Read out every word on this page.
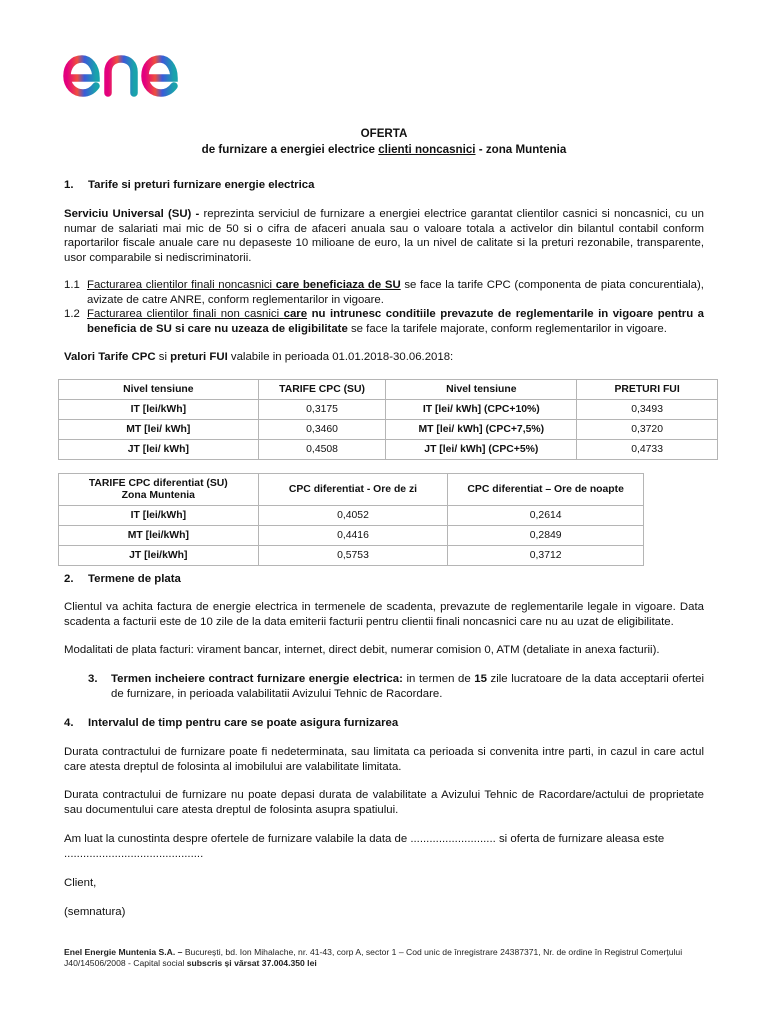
enel
OFERTA
de furnizare a energiei electrice clienti noncasnici - zona Muntenia
1. Tarife si preturi furnizare energie electrica
Serviciu Universal (SU) - reprezinta serviciul de furnizare a energiei electrice garantat clientilor casnici si noncasnici, cu un numar de salariati mai mic de 50 si o cifra de afaceri anuala sau o valoare totala a activelor din bilantul contabil conform raportarilor fiscale anuale care nu depaseste 10 milioane de euro, la un nivel de calitate si la preturi rezonabile, transparente, usor comparabile si nediscriminatorii.
1.1 Facturarea clientilor finali noncasnici care beneficiaza de SU se face la tarife CPC (componenta de piata concurentiala), avizate de catre ANRE, conform reglementarilor in vigoare.
1.2 Facturarea clientilor finali non casnici care nu intrunesc conditiile prevazute de reglementarile in vigoare pentru a beneficia de SU si care nu uzeaza de eligibilitate se face la tarifele majorate, conform reglementarilor in vigoare.
Valori Tarife CPC si preturi FUI valabile in perioada 01.01.2018-30.06.2018:
Nivel tensiune	TARIFE CPC (SU)	Nivel tensiune	PRETURI FUI
IT [lei/kWh]	0,3175	IT [lei/ kWh] (CPC+10%)	0,3493
MT [lei/ kWh]	0,3460	MT [lei/ kWh] (CPC+7,5%)	0,3720
JT [lei/ kWh]	0,4508	JT [lei/ kWh] (CPC+5%)	0,4733
TARIFE CPC diferentiat (SU)
Zona Muntenia	CPC diferentiat - Ore de zi	CPC diferentiat – Ore de noapte
IT [lei/kWh]	0,4052	0,2614
MT [lei/kWh]	0,4416	0,2849
JT [lei/kWh]	0,5753	0,3712
2. Termene de plata
Clientul va achita factura de energie electrica in termenele de scadenta, prevazute de reglementarile legale in vigoare. Data scadenta a facturii este de 10 zile de la data emiterii facturii pentru clientii finali noncasnici care nu au uzat de eligibilitate.
Modalitati de plata facturi: virament bancar, internet, direct debit, numerar comision 0, ATM (detaliate in anexa facturii).
3. Termen incheiere contract furnizare energie electrica: in termen de 15 zile lucratoare de la data acceptarii ofertei de furnizare, in perioada valabilitatii Avizului Tehnic de Racordare.
4. Intervalul de timp pentru care se poate asigura furnizarea
Durata contractului de furnizare poate fi nedeterminata, sau limitata ca perioada si convenita intre parti, in cazul in care actul care atesta dreptul de folosinta al imobilului are valabilitate limitata.
Durata contractului de furnizare nu poate depasi durata de valabilitate a Avizului Tehnic de Racordare/actului de proprietate sau documentului care atesta dreptul de folosinta asupra spatiului.
Am luat la cunostinta despre ofertele de furnizare valabile la data de ........................... si oferta de furnizare aleasa este
............................................
Client,
(semnatura)
Enel Energie Muntenia S.A. – București, bd. Ion Mihalache, nr. 41-43, corp A, sector 1 – Cod unic de înregistrare 24387371, Nr. de ordine în Registrul Comerțului J40/14506/2008 - Capital social subscris și vărsat 37.004.350 lei
